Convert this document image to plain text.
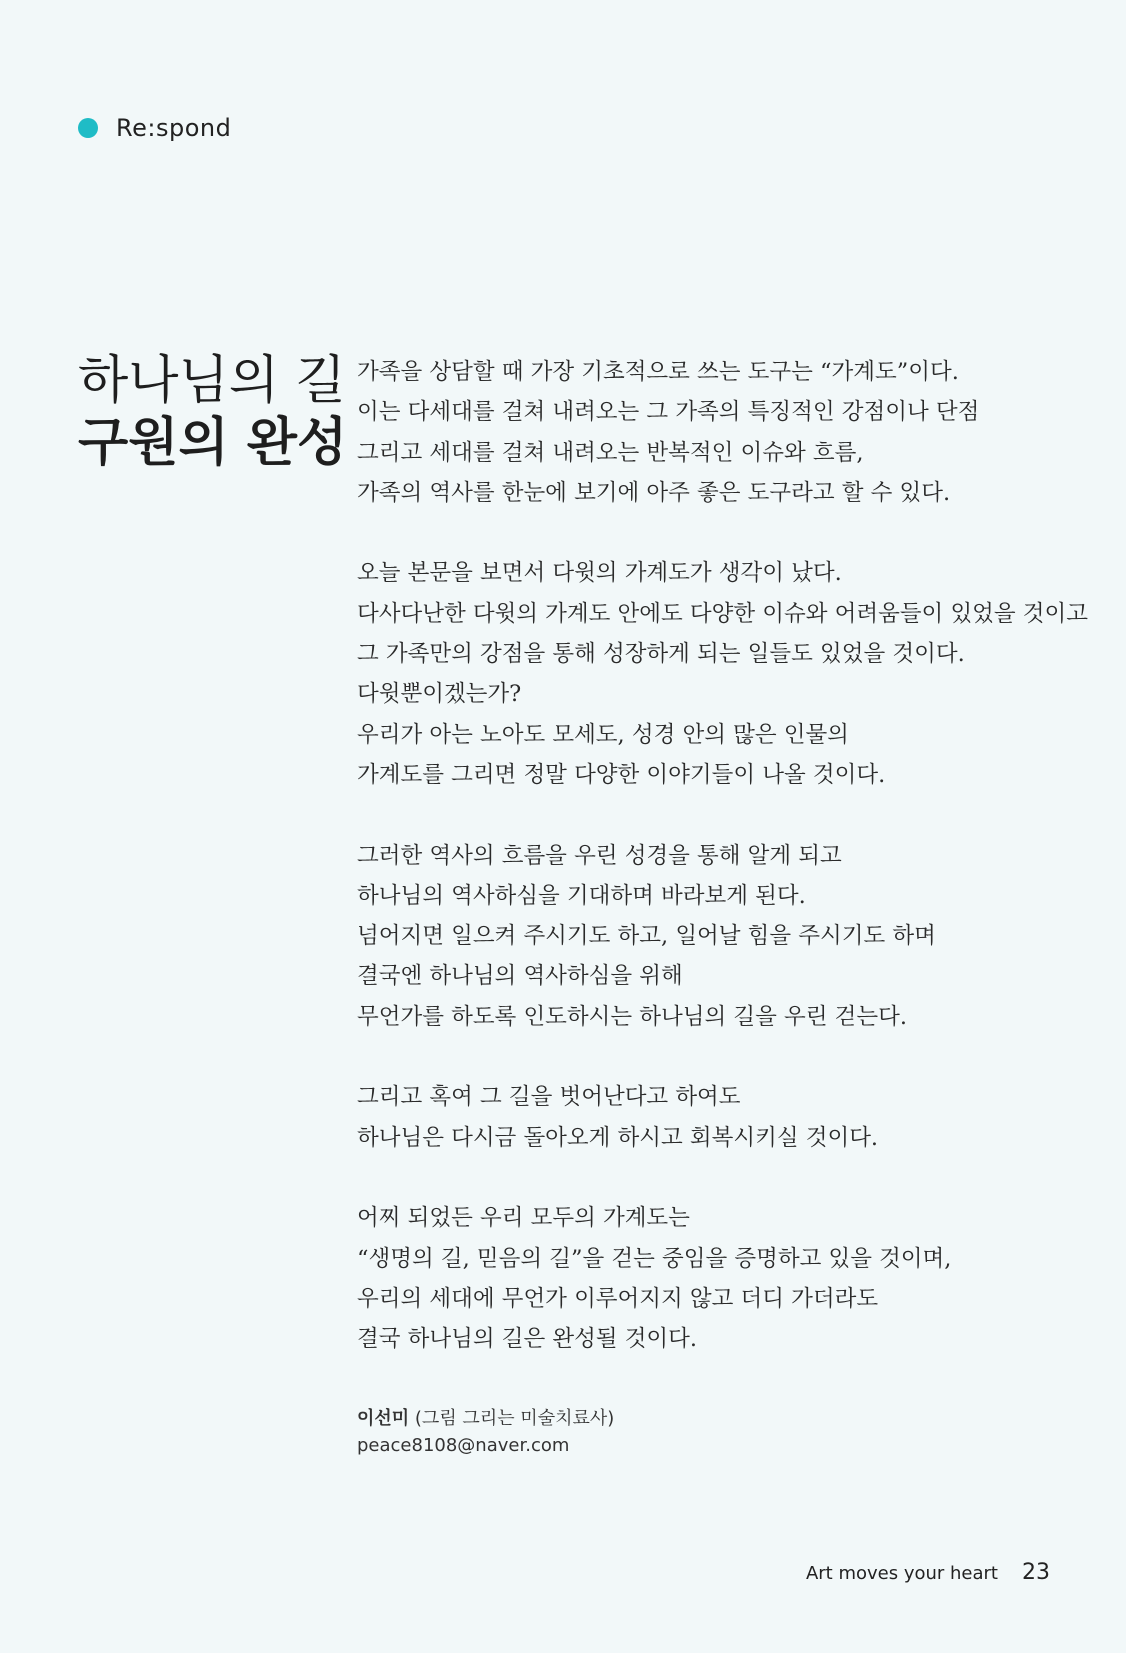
Re:spond
하나님의 길
구원의 완성

가족을 상담할 때 가장 기초적으로 쓰는 도구는 “가계도”이다.
이는 다세대를 걸쳐 내려오는 그 가족의 특징적인 강점이나 단점
그리고 세대를 걸쳐 내려오는 반복적인 이슈와 흐름,
가족의 역사를 한눈에 보기에 아주 좋은 도구라고 할 수 있다.

오늘 본문을 보면서 다윗의 가계도가 생각이 났다.
다사다난한 다윗의 가계도 안에도 다양한 이슈와 어려움들이 있었을 것이고
그 가족만의 강점을 통해 성장하게 되는 일들도 있었을 것이다.
다윗뿐이겠는가?
우리가 아는 노아도 모세도, 성경 안의 많은 인물의
가계도를 그리면 정말 다양한 이야기들이 나올 것이다.

그러한 역사의 흐름을 우린 성경을 통해 알게 되고
하나님의 역사하심을 기대하며 바라보게 된다.
넘어지면 일으켜 주시기도 하고, 일어날 힘을 주시기도 하며
결국엔 하나님의 역사하심을 위해
무언가를 하도록 인도하시는 하나님의 길을 우린 걷는다.

그리고 혹여 그 길을 벗어난다고 하여도
하나님은 다시금 돌아오게 하시고 회복시키실 것이다.

어찌 되었든 우리 모두의 가계도는
“생명의 길, 믿음의 길”을 걷는 중임을 증명하고 있을 것이며,
우리의 세대에 무언가 이루어지지 않고 더디 가더라도
결국 하나님의 길은 완성될 것이다.

이선미 (그림 그리는 미술치료사)
peace8108@naver.com
Art moves your heart 23
